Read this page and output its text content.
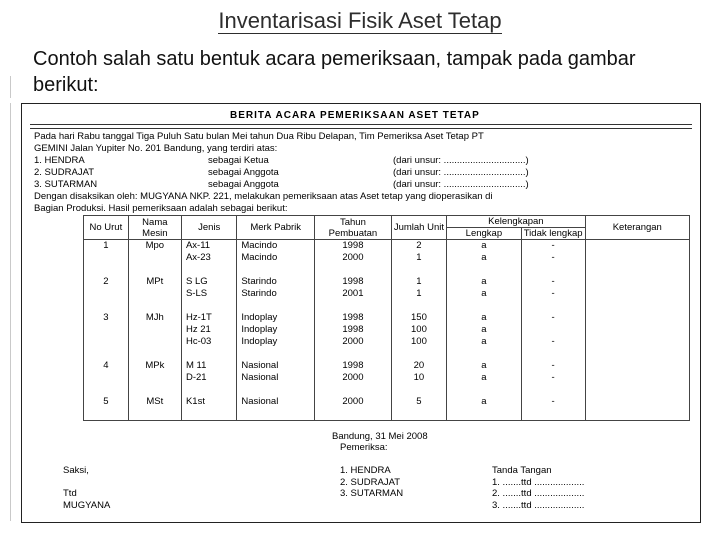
Inventarisasi Fisik Aset Tetap
Contoh salah satu bentuk acara pemeriksaan, tampak pada gambar berikut:
BERITA ACARA PEMERIKSAAN ASET TETAP
Pada hari Rabu tanggal Tiga Puluh Satu bulan Mei tahun Dua Ribu Delapan, Tim Pemeriksa Aset Tetap PT
GEMINI Jalan Yupiter No. 201 Bandung, yang terdiri atas:
1. HENDRA	sebagai Ketua	(dari unsur: ...............................)
2. SUDRAJAT	sebagai Anggota	(dari unsur: ...............................)
3. SUTARMAN	sebagai Anggota	(dari unsur: ...............................)
Dengan disaksikan oleh: MUGYANA NKP. 221, melakukan pemeriksaan atas Aset tetap yang dioperasikan di
Bagian Produksi. Hasil pemeriksaan adalah sebagai berikut:
No Urut	Nama Mesin	Jenis	Merk Pabrik	Tahun Pembuatan	Jumlah Unit	Kelengkapan		Keterangan
						Lengkap	Tidak lengkap	
1	Mpo	Ax-11	Macindo	1998	2	a	-	
		Ax-23	Macindo	2000	1	a	-	

2	MPt	S LG	Starindo	1998	1	a	-	
		S-LS	Starindo	2001	1	a	-	

3	MJh	Hz-1T	Indoplay	1998	150	a	-	
		Hz 21	Indoplay	1998	100	a		
		Hc-03	Indoplay	2000	100	a	-	

4	MPk	M 11	Nasional	1998	20	a	-	
		D-21	Nasional	2000	10	a	-	

5	MSt	K1st	Nasional	2000	5	a	-	

Bandung, 31 Mei 2008
Saksi,
Ttd
MUGYANA
Pemeriksa:
1. HENDRA
2. SUDRAJAT
3. SUTARMAN
Tanda Tangan
1. .......ttd ...................
2. .......ttd ...................
3. .......ttd ...................
